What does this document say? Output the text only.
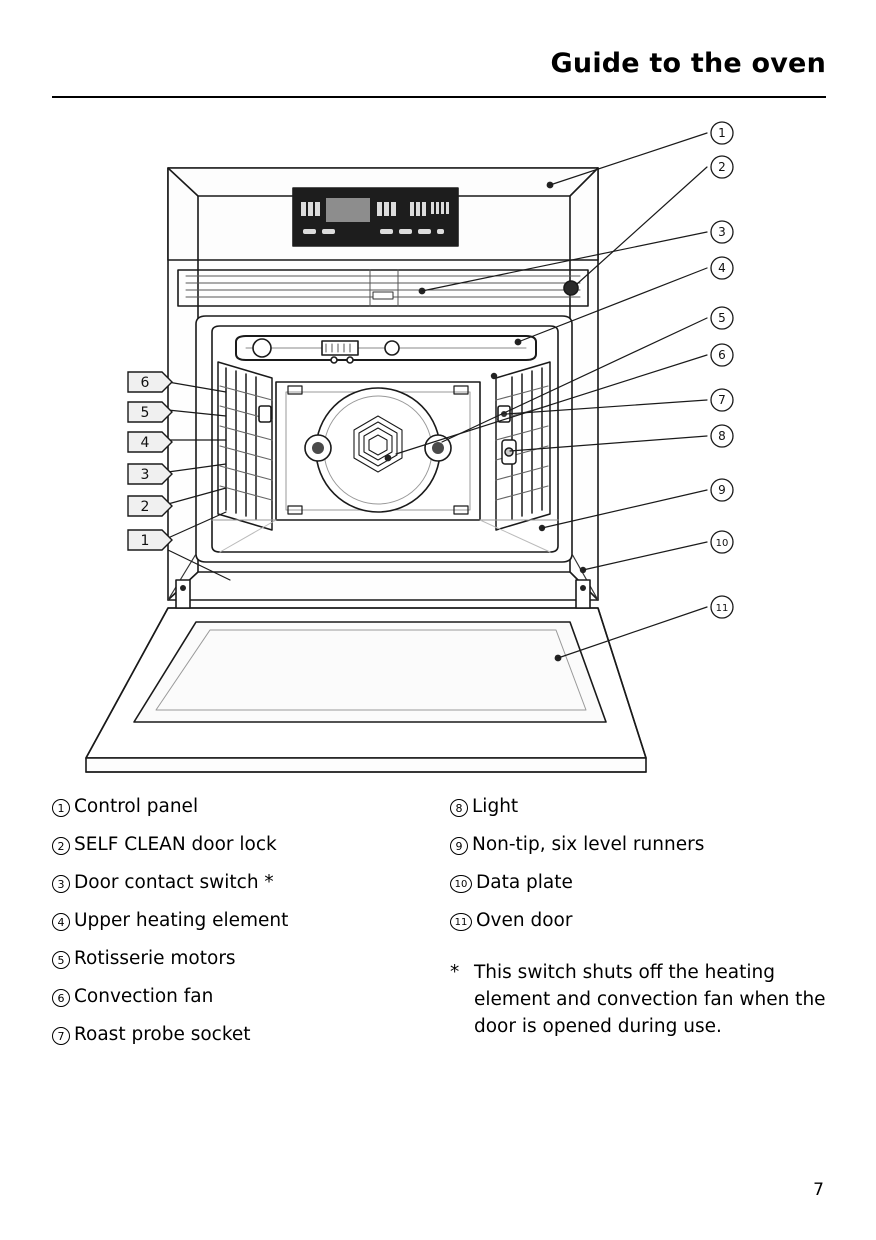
Guide to the oven
1
2
3
4
5
6
7
8
9
10
11
6
5
4
3
2
1
1 Control panel
2 SELF CLEAN door lock
3 Door contact switch *
4 Upper heating element
5 Rotisserie motors
6 Convection fan
7 Roast probe socket
8 Light
9 Non-tip, six level runners
10 Data plate
11 Oven door
* This switch shuts off the heating element and convection fan when the door is opened during use.
7
